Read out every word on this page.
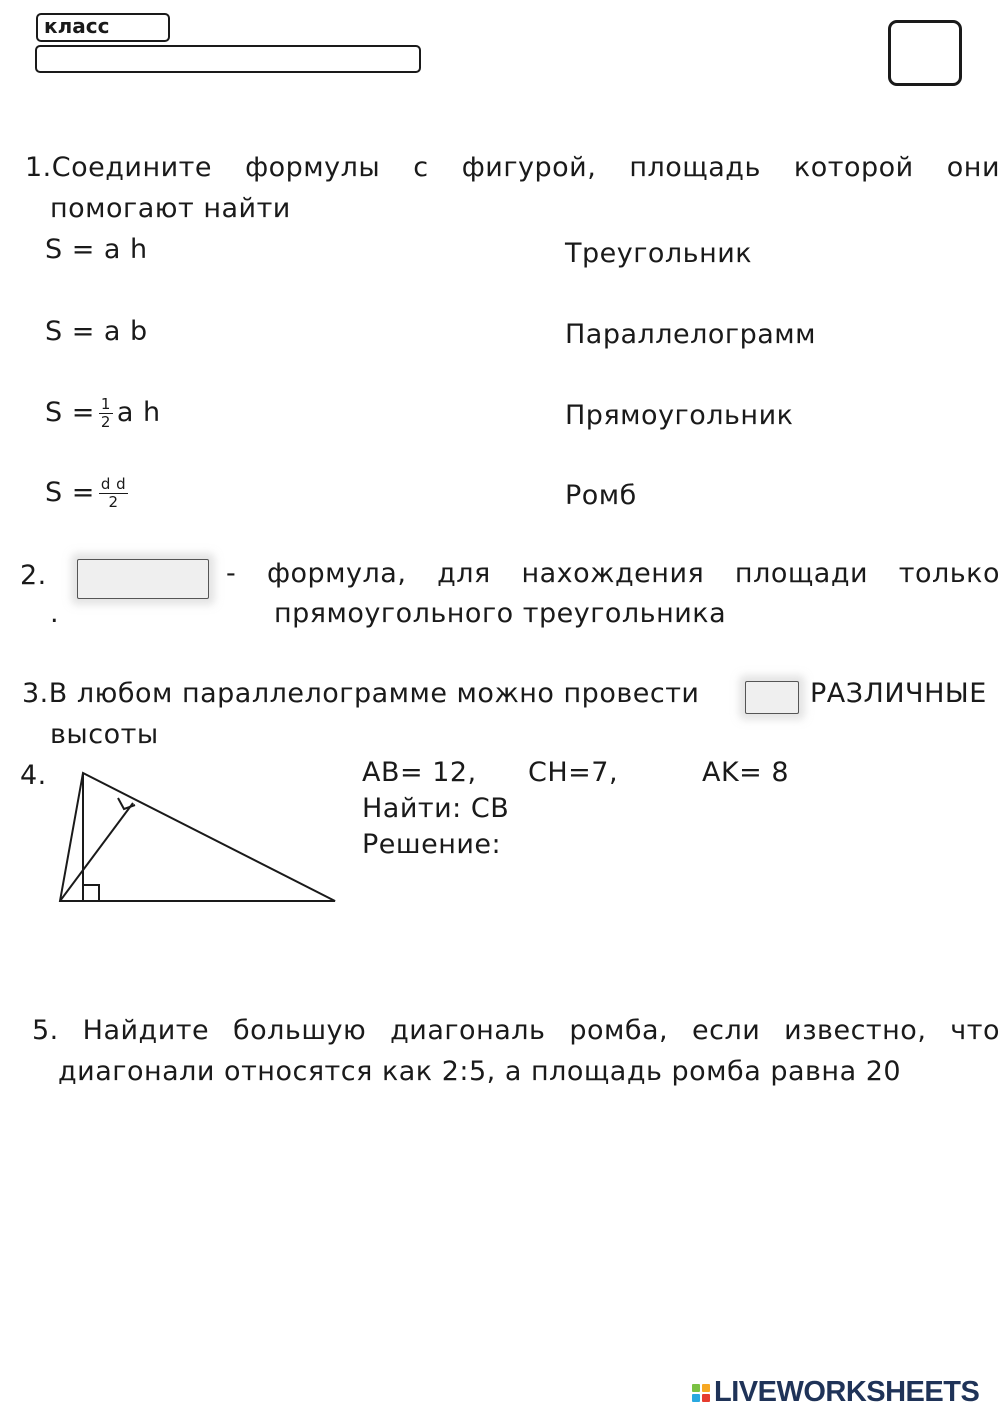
класс
1.Соедините формулы с фигурой, площадь которой они
помогают найти
S = a h
S = a b
$S = \frac{1}{2}$ a h
$S = \frac{\text{d d}}{2}$
Треугольник
Параллелограмм
Прямоугольник
Ромб
2.
.
- формула, для нахождения площади только
прямоугольного треугольника
3.В любом параллелограмме можно провести	РАЗЛИЧНЫЕ
высоты
4.	AB= 12, CH=7,	AK= 8
Найти: CB
Решение:
5. Найдите большую диагональ ромба, если известно, что
диагонали относятся как 2:5, а площадь ромба равна 20
LIVEWORKSHEETS
